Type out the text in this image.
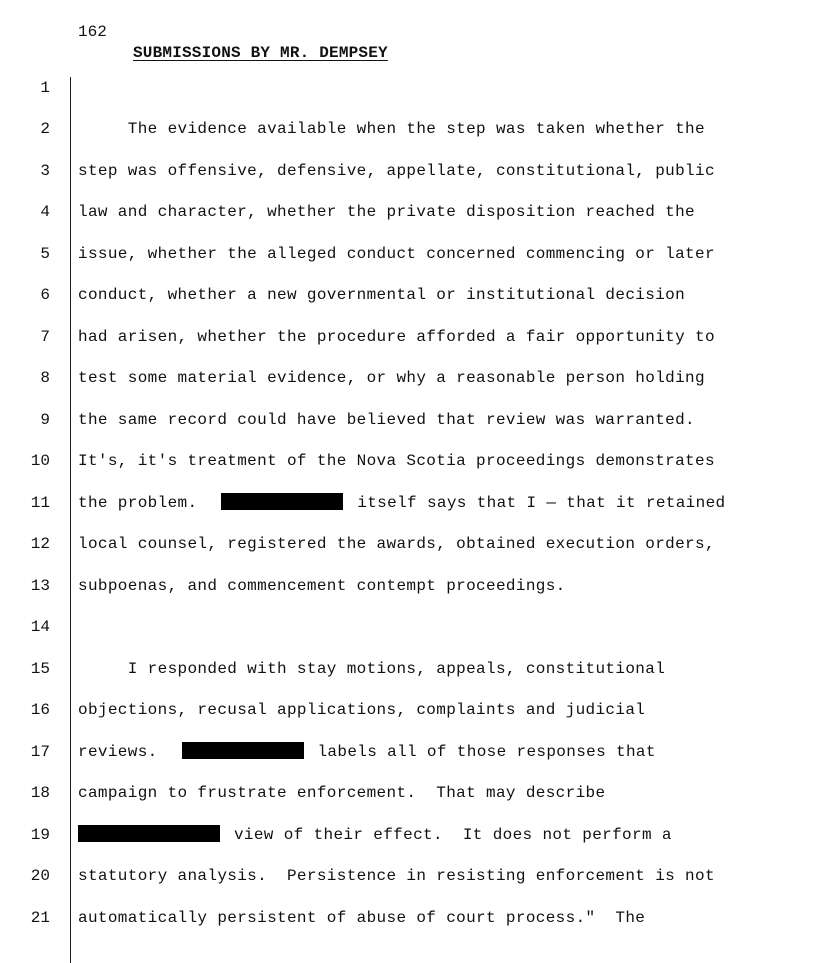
162
SUBMISSIONS BY MR. DEMPSEY
1
2 The evidence available when the step was taken whether the
3 step was offensive, defensive, appellate, constitutional, public
4 law and character, whether the private disposition reached the
5 issue, whether the alleged conduct concerned commencing or later
6 conduct, whether a new governmental or institutional decision
7 had arisen, whether the procedure afforded a fair opportunity to
8 test some material evidence, or why a reasonable person holding
9 the same record could have believed that review was warranted.
10 It's, it's treatment of the Nova Scotia proceedings demonstrates
11 the problem.	itself says that I — that it retained
12 local counsel, registered the awards, obtained execution orders,
13 subpoenas, and commencement contempt proceedings.
14
15 I responded with stay motions, appeals, constitutional
16 objections, recusal applications, complaints and judicial
17 reviews.	labels all of those responses that
18 campaign to frustrate enforcement.  That may describe
19	view of their effect.  It does not perform a
20 statutory analysis.  Persistence in resisting enforcement is not
21 automatically persistent of abuse of court process."  The
